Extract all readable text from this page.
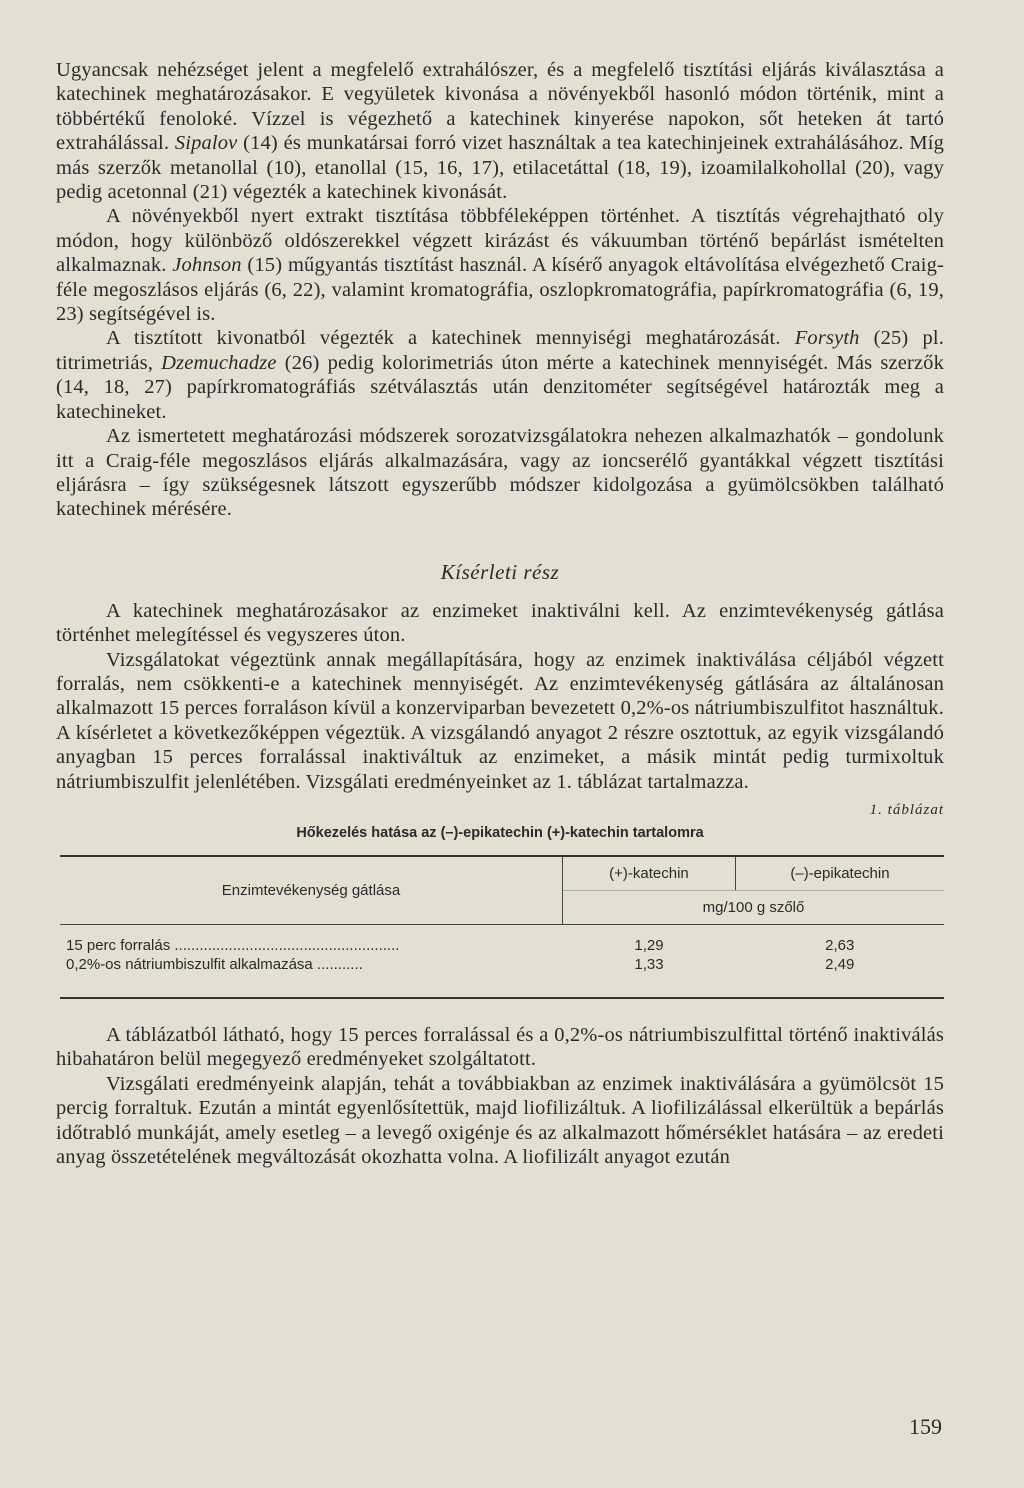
Ugyancsak nehézséget jelent a megfelelő extrahálószer, és a megfelelő tisztítási eljárás kiválasztása a katechinek meghatározásakor. E vegyületek kivonása a növényekből hasonló módon történik, mint a többértékű fenoloké. Vízzel is végezhető a katechinek kinyerése napokon, sőt heteken át tartó extrahálással. Sipalov (14) és munkatársai forró vizet használtak a tea katechinjeinek extrahálásához. Míg más szerzők metanollal (10), etanollal (15, 16, 17), etilacetáttal (18, 19), izoamilalkohollal (20), vagy pedig acetonnal (21) végezték a katechinek kivonását.

A növényekből nyert extrakt tisztítása többféleképpen történhet. A tisztítás végrehajtható oly módon, hogy különböző oldószerekkel végzett kirázást és vákuumban történő bepárlást ismételten alkalmaznak. Johnson (15) műgyantás tisztítást használ. A kísérő anyagok eltávolítása elvégezhető Craig-féle megoszlásos eljárás (6, 22), valamint kromatográfia, oszlopkromatográfia, papírkromatográfia (6, 19, 23) segítségével is.

A tisztított kivonatból végezték a katechinek mennyiségi meghatározását. Forsyth (25) pl. titrimetriás, Dzemuchadze (26) pedig kolorimetriás úton mérte a katechinek mennyiségét. Más szerzők (14, 18, 27) papírkromatográfiás szétválasztás után denzitométer segítségével határozták meg a katechineket.

Az ismertetett meghatározási módszerek sorozatvizsgálatokra nehezen alkalmazhatók – gondolunk itt a Craig-féle megoszlásos eljárás alkalmazására, vagy az ioncserélő gyantákkal végzett tisztítási eljárásra – így szükségesnek látszott egyszerűbb módszer kidolgozása a gyümölcsökben található katechinek mérésére.

Kísérleti rész

A katechinek meghatározásakor az enzimeket inaktiválni kell. Az enzimtevékenység gátlása történhet melegítéssel és vegyszeres úton.

Vizsgálatokat végeztünk annak megállapítására, hogy az enzimek inaktiválása céljából végzett forralás, nem csökkenti-e a katechinek mennyiségét. Az enzimtevékenység gátlására az általánosan alkalmazott 15 perces forraláson kívül a konzerviparban bevezetett 0,2%-os nátriumbiszulfitot használtuk. A kísérletet a következőképpen végeztük. A vizsgálandó anyagot 2 részre osztottuk, az egyik vizsgálandó anyagban 15 perces forralással inaktiváltuk az enzimeket, a másik mintát pedig turmixoltuk nátriumbiszulfit jelenlétében. Vizsgálati eredményeinket az 1. táblázat tartalmazza.

1. táblázat
Hőkezelés hatása az (–)-epikatechin (+)-katechin tartalomra
Enzimtevékenység gátlása	(+)-katechin	(–)-epikatechin
	mg/100 g szőlő	
15 perc forralás ......................................................	1,29	2,63
0,2%-os nátriumbiszulfit alkalmazása ...........	1,33	2,49

A táblázatból látható, hogy 15 perces forralással és a 0,2%-os nátriumbiszulfittal történő inaktiválás hibahatáron belül megegyező eredményeket szolgáltatott.

Vizsgálati eredményeink alapján, tehát a továbbiakban az enzimek inaktiválására a gyümölcsöt 15 percig forraltuk. Ezután a mintát egyenlősítettük, majd liofilizáltuk. A liofilizálással elkerültük a bepárlás időtrabló munkáját, amely esetleg – a levegő oxigénje és az alkalmazott hőmérséklet hatására – az eredeti anyag összetételének megváltozását okozhatta volna. A liofilizált anyagot ezután

159
